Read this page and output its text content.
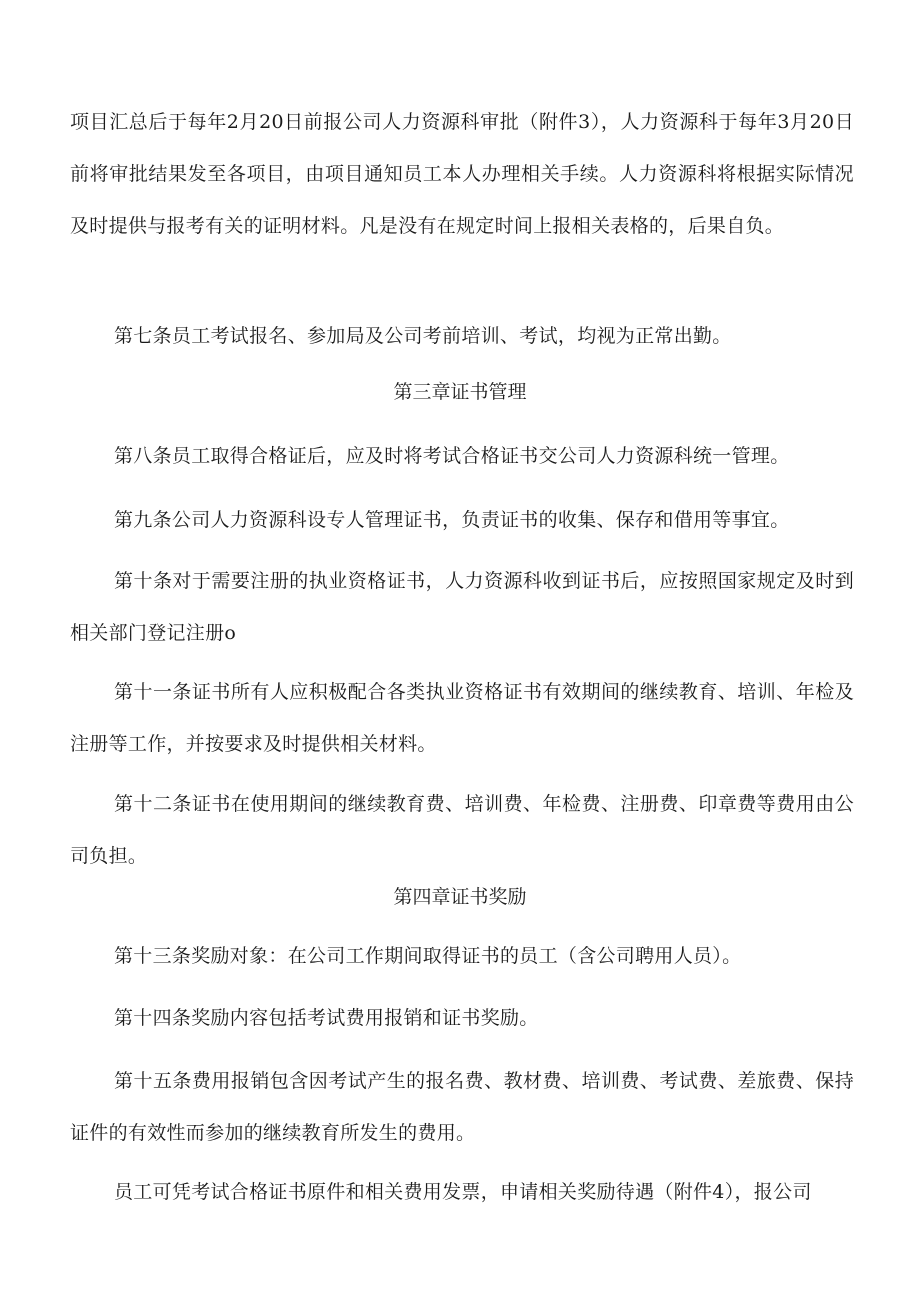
项目汇总后于每年2月20日前报公司人力资源科审批（附件3），人力资源科于每年3月20日前将审批结果发至各项目，由项目通知员工本人办理相关手续。人力资源科将根据实际情况及时提供与报考有关的证明材料。凡是没有在规定时间上报相关表格的，后果自负。

第七条员工考试报名、参加局及公司考前培训、考试，均视为正常出勤。

第三章证书管理

第八条员工取得合格证后，应及时将考试合格证书交公司人力资源科统一管理。

第九条公司人力资源科设专人管理证书，负责证书的收集、保存和借用等事宜。

第十条对于需要注册的执业资格证书，人力资源科收到证书后，应按照国家规定及时到相关部门登记注册o

第十一条证书所有人应积极配合各类执业资格证书有效期间的继续教育、培训、年检及注册等工作，并按要求及时提供相关材料。

第十二条证书在使用期间的继续教育费、培训费、年检费、注册费、印章费等费用由公司负担。

第四章证书奖励

第十三条奖励对象：在公司工作期间取得证书的员工（含公司聘用人员）。

第十四条奖励内容包括考试费用报销和证书奖励。

第十五条费用报销包含因考试产生的报名费、教材费、培训费、考试费、差旅费、保持证件的有效性而参加的继续教育所发生的费用。

员工可凭考试合格证书原件和相关费用发票，申请相关奖励待遇（附件4），报公司
